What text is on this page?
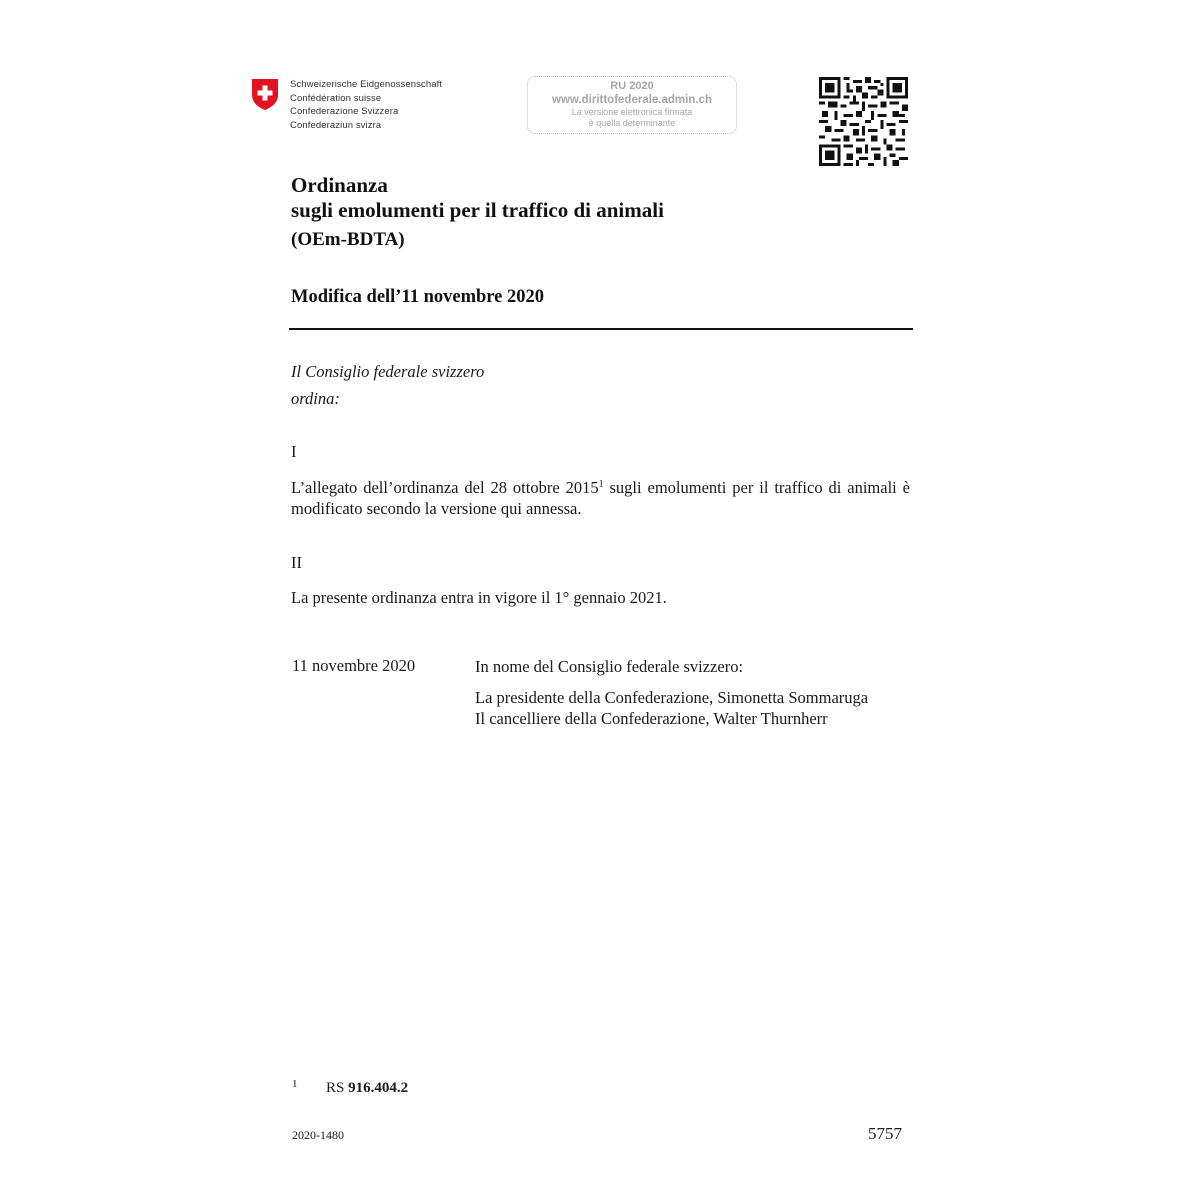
Schweizerische Eidgenossenschaft
Confédération suisse
Confederazione Svizzera
Confederaziun svizra
RU 2020
www.dirittofederale.admin.ch
La versione elettronica firmata
è quella determinante
Ordinanza
sugli emolumenti per il traffico di animali
(OEm-BDTA)
Modifica dell’11 novembre 2020
Il Consiglio federale svizzero
ordina:
I
L’allegato dell’ordinanza del 28 ottobre 2015$^1$ sugli emolumenti per il traffico di animali è modificato secondo la versione qui annessa.
II
La presente ordinanza entra in vigore il 1° gennaio 2021.
11 novembre 2020	In nome del Consiglio federale svizzero:
La presidente della Confederazione, Simonetta Sommaruga
Il cancelliere della Confederazione, Walter Thurnherr
1 RS 916.404.2
2020-1480	5757
